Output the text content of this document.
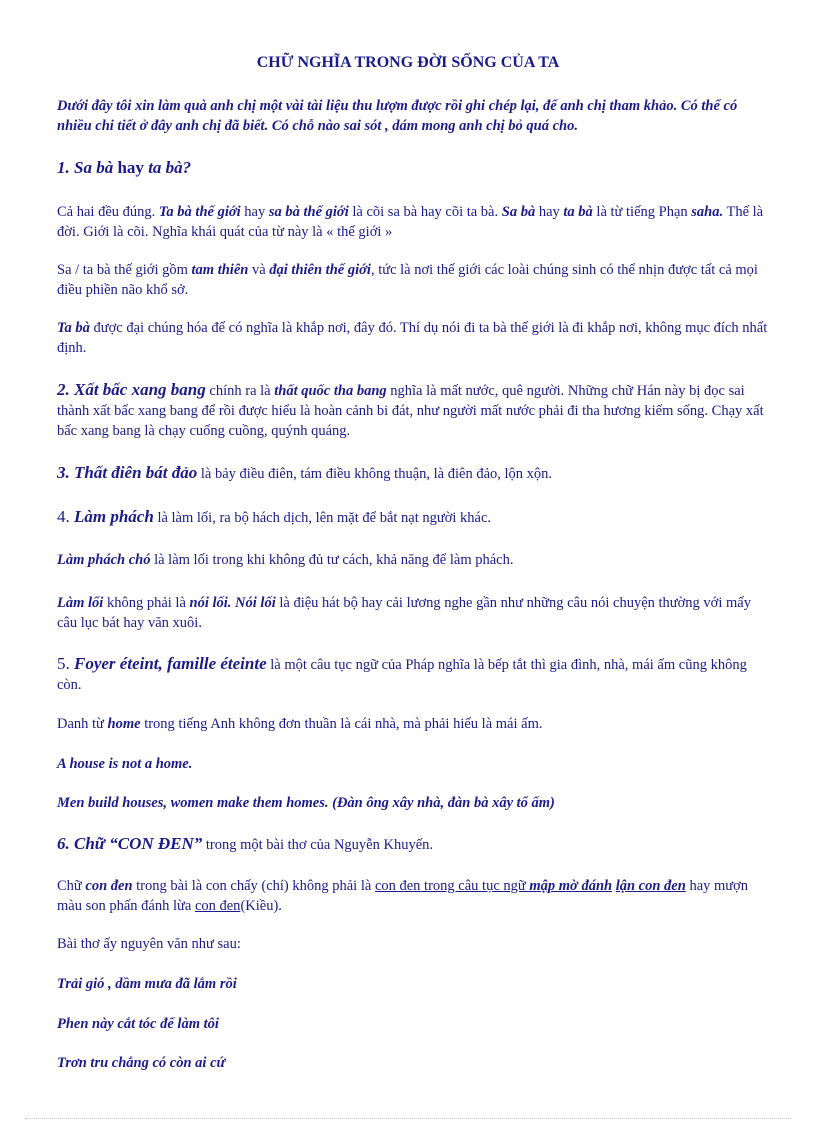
CHỮ NGHĨA TRONG ĐỜI SỐNG CỦA TA

Dưới đây tôi xin làm quà anh chị một vài tài liệu thu lượm được rồi ghi chép lại, để anh chị tham khảo. Có thể có nhiều chi tiết ở đây anh chị đã biết. Có chỗ nào sai sót , dám mong anh chị bỏ quá cho.

1. Sa bà hay ta bà?

Cả hai đều đúng. Ta bà thế giới hay sa bà thế giới là cõi sa bà hay cõi ta bà. Sa bà hay ta bà là từ tiếng Phạn saha. Thế là đời. Giới là cõi. Nghĩa khái quát của từ này là « thế giới »

Sa / ta bà thế giới gồm tam thiên và đại thiên thế giới, tức là nơi thế giới các loài chúng sinh có thể nhịn được tất cả mọi điều phiền não khổ sở.

Ta bà được đại chúng hóa để có nghĩa là khắp nơi, đây đó. Thí dụ nói đi ta bà thế giới là đi khắp nơi, không mục đích nhất định.

2. Xất bấc xang bang chính ra là thất quốc tha bang nghĩa là mất nước, quê người. Những chữ Hán này bị đọc sai thành xất bấc xang bang để rồi được hiểu là hoàn cảnh bi đát, như người mất nước phải đi tha hương kiếm sống. Chạy xất bấc xang bang là chạy cuống cuồng, quýnh quáng.

3. Thất điên bát đảo là bảy điều điên, tám điều không thuận, là điên đảo, lộn xộn.

4. Làm phách là làm lối, ra bộ hách dịch, lên mặt để bắt nạt người khác.

Làm phách chó là làm lối trong khi không đủ tư cách, khả năng để làm phách.

Làm lối không phải là nói lối. Nói lối là điệu hát bộ hay cải lương nghe gần như những câu nói chuyện thường với mấy câu lục bát hay văn xuôi.

5. Foyer éteint, famille éteinte là một câu tục ngữ của Pháp nghĩa là bếp tắt thì gia đình, nhà, mái ấm cũng không còn.

Danh từ home trong tiếng Anh không đơn thuần là cái nhà, mà phải hiểu là mái ấm.

A house is not a home.

Men build houses, women make them homes. (Đàn ông xây nhà, đàn bà xây tổ ấm)

6. Chữ “CON ĐEN” trong một bài thơ của Nguyễn Khuyến.

Chữ con đen trong bài là con chấy (chí) không phải là con đen trong câu tục ngữ mập mờ đánh lận con đen hay mượn màu son phấn đánh lừa con đen(Kiều).

Bài thơ ấy nguyên văn như sau:

Trải gió , dầm mưa đã lắm rồi

Phen này cắt tóc để làm tôi

Trơn tru chẳng có còn ai cứ
